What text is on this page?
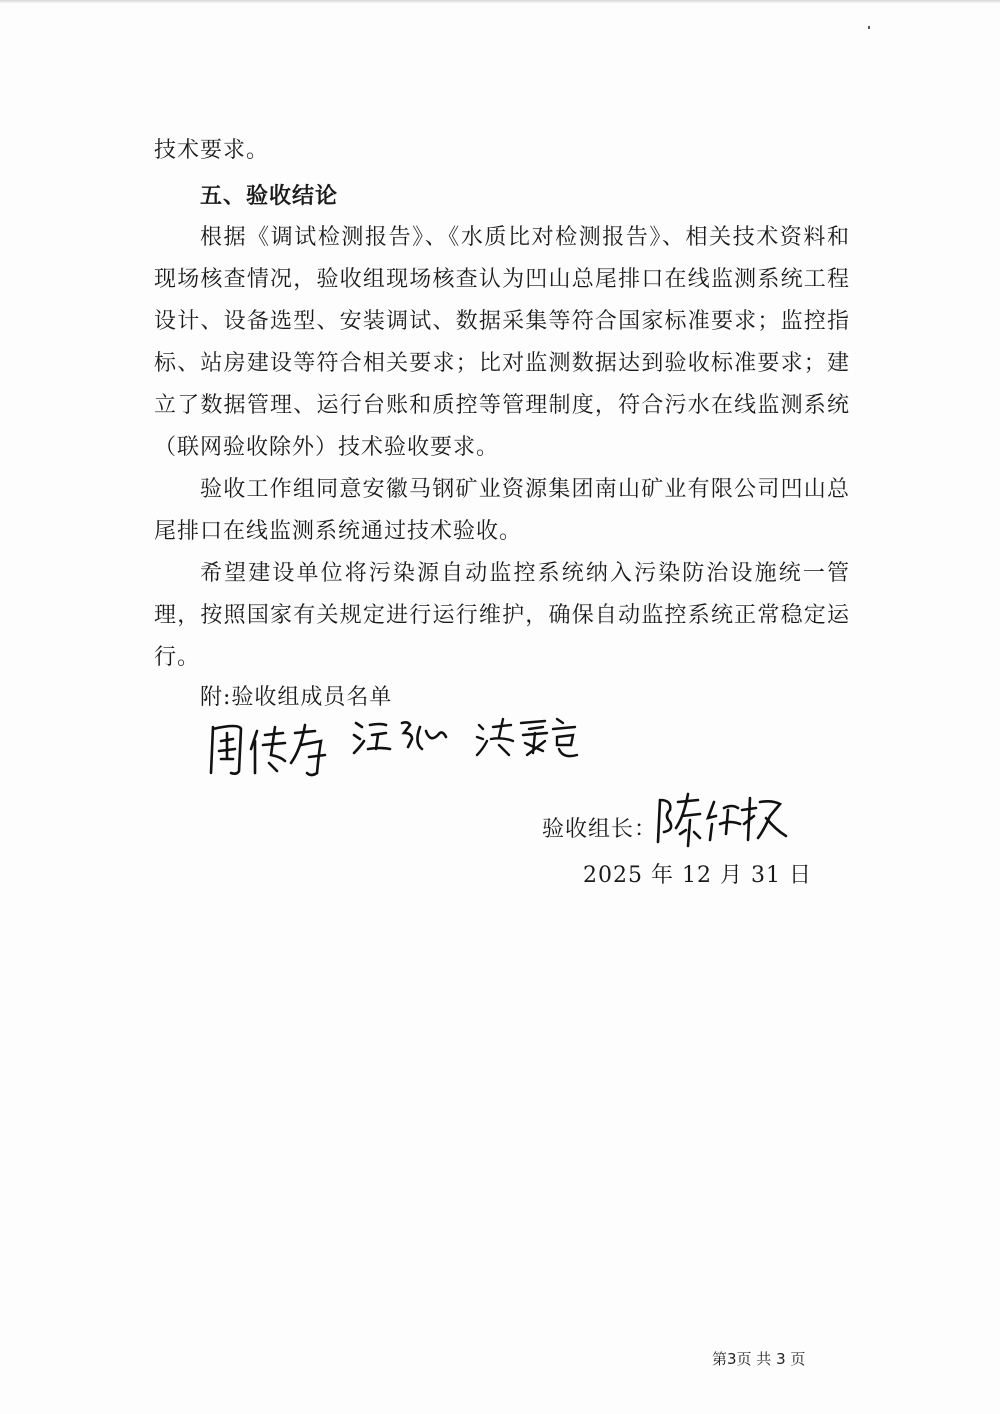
技术要求。

五、验收结论

根据《调试检测报告》、《水质比对检测报告》、相关技术资料和现场核查情况，验收组现场核查认为凹山总尾排口在线监测系统工程设计、设备选型、安装调试、数据采集等符合国家标准要求；监控指标、站房建设等符合相关要求；比对监测数据达到验收标准要求；建立了数据管理、运行台账和质控等管理制度，符合污水在线监测系统（联网验收除外）技术验收要求。

验收工作组同意安徽马钢矿业资源集团南山矿业有限公司凹山总尾排口在线监测系统通过技术验收。

希望建设单位将污染源自动监控系统纳入污染防治设施统一管理，按照国家有关规定进行运行维护，确保自动监控系统正常稳定运行。

附:验收组成员名单

验收组长：
2025 年 12 月 31 日
第3页 共 3 页
